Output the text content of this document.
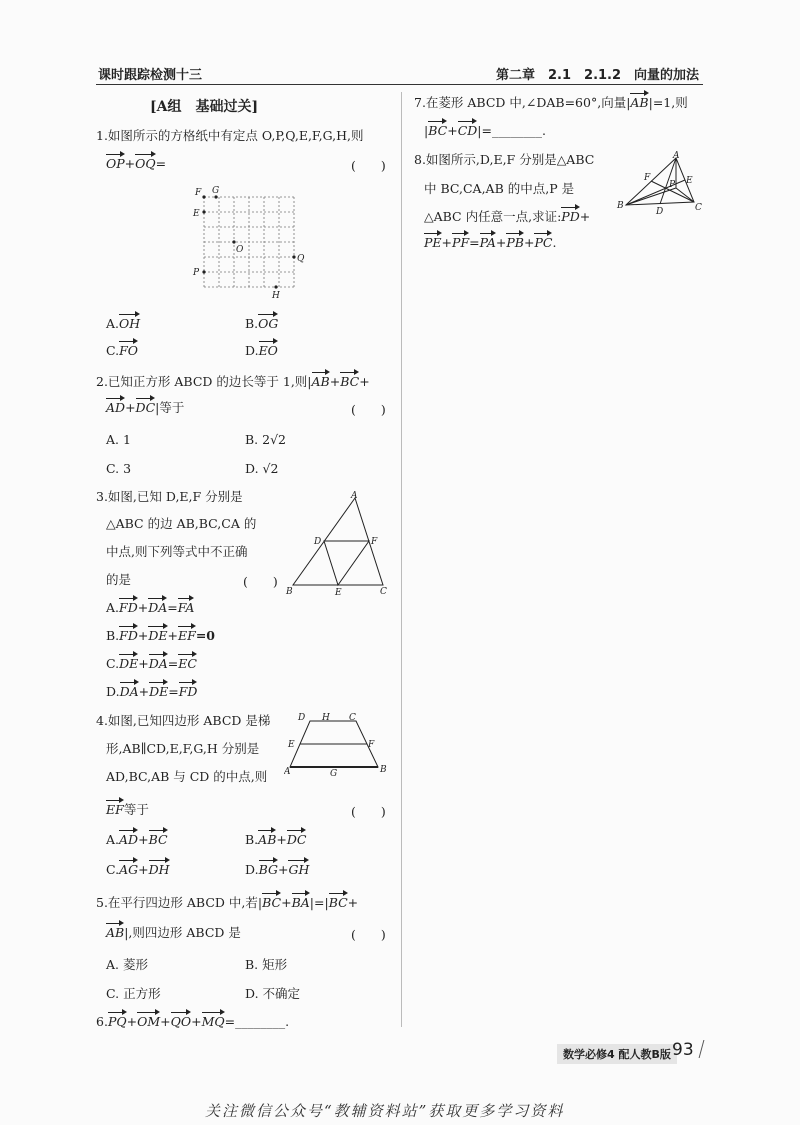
课时跟踪检测十三	第二章　2.1　2.1.2　向量的加法
[A组　基础过关]
1.如图所示的方格纸中有定点 O,P,Q,E,F,G,H,则
OP+OQ=	(　　)
F G
E
O
Q
P
H
A.OH	B.OG
C.FO	D.EO
2.已知正方形 ABCD 的边长等于 1,则|AB+BC+
AD+DC|等于	(　　)
A. 1	B. 2√2
C. 3	D. √2
3.如图,已知 D,E,F 分别是
△ABC 的边 AB,BC,CA 的
中点,则下列等式中不正确
的是	(　　)
A
B	C
D
E
F
A.FD+DA=FA
B.FD+DE+EF=0
C.DE+DA=EC
D.DA+DE=FD
4.如图,已知四边形 ABCD 是梯
形,AB∥CD,E,F,G,H 分别是
AD,BC,AB 与 CD 的中点,则
EF等于	(　　)
D H C
E	F
A	G	B
A.AD+BC	B.AB+DC
C.AG+DH	D.BG+GH
5.在平行四边形 ABCD 中,若|BC+BA|=|BC+
AB|,则四边形 ABCD 是	(　　)
A. 菱形	B. 矩形
C. 正方形	D. 不确定
6.PQ+OM+QO+MQ=________.
7.在菱形 ABCD 中,∠DAB=60°,向量|AB|=1,则
|BC+CD|=________.
8.如图所示,D,E,F 分别是△ABC
中 BC,CA,AB 的中点,P 是
△ABC 内任意一点,求证:PD+
PE+PF=PA+PB+PC.
A
F	E
P
B
D	C
数学必修4 配人教B版 93
关注微信公众号“教辅资料站”获取更多学习资料
